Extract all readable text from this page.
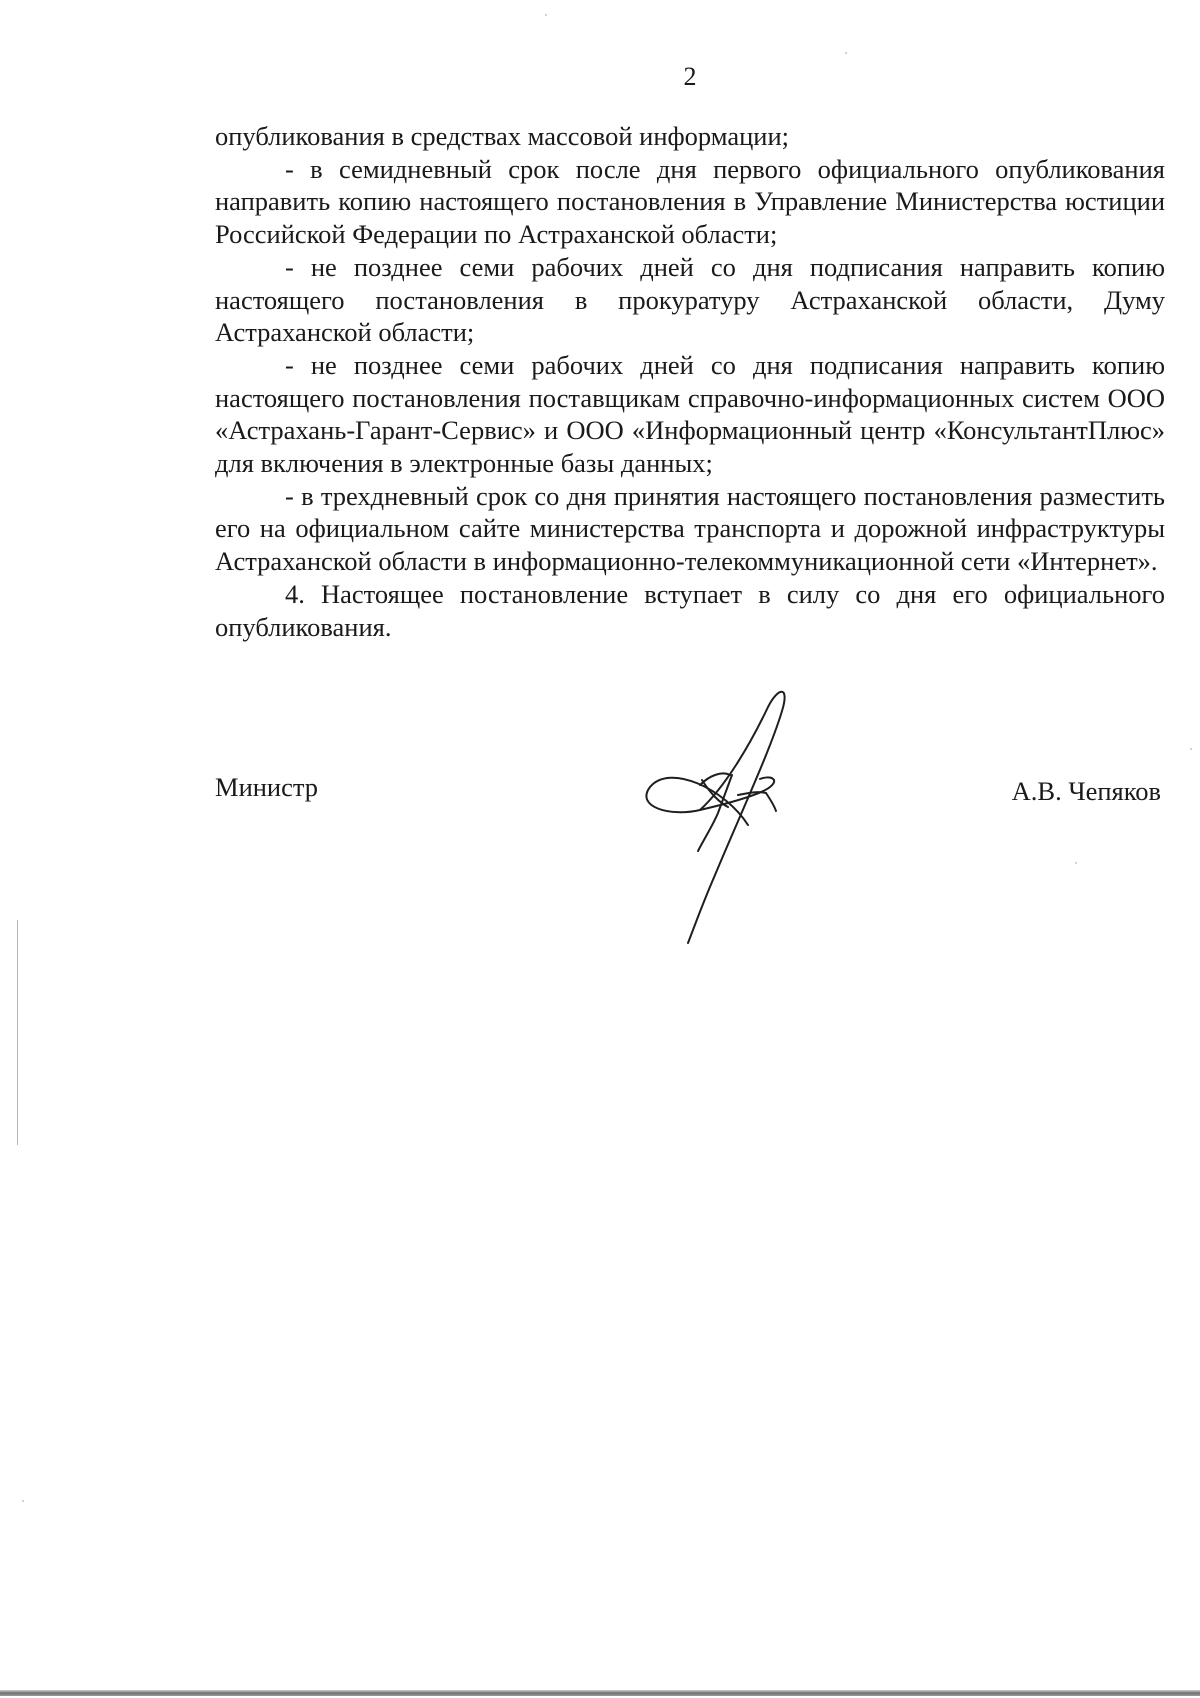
2

опубликования в средствах массовой информации;

- в семидневный срок после дня первого официального опубликования направить копию настоящего постановления в Управление Министерства юстиции Российской Федерации по Астраханской области;

- не позднее семи рабочих дней со дня подписания направить копию настоящего постановления в прокуратуру Астраханской области, Думу Астраханской области;

- не позднее семи рабочих дней со дня подписания направить копию настоящего постановления поставщикам справочно-информационных систем ООО «Астрахань-Гарант-Сервис» и ООО «Информационный центр «КонсультантПлюс» для включения в электронные базы данных;

- в трехдневный срок со дня принятия настоящего постановления разместить его на официальном сайте министерства транспорта и дорожной инфраструктуры Астраханской области в информационно-телекоммуникационной сети «Интернет».

4. Настоящее постановление вступает в силу со дня его официального опубликования.

Министр	А.В. Чепяков
